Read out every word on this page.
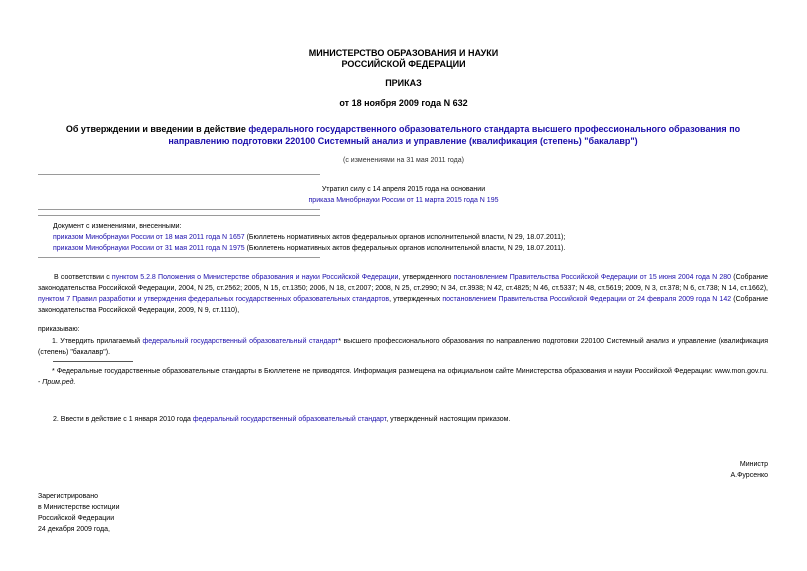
МИНИСТЕРСТВО ОБРАЗОВАНИЯ И НАУКИ
РОССИЙСКОЙ ФЕДЕРАЦИИ
ПРИКАЗ
от 18 ноября 2009 года N 632
Об утверждении и введении в действие федерального государственного образовательного стандарта высшего профессионального образования по направлению подготовки 220100 Системный анализ и управление (квалификация (степень) "бакалавр")
(с изменениями на 31 мая 2011 года)
Утратил силу с 14 апреля 2015 года на основании
приказа Минобрнауки России от 11 марта 2015 года N 195
Документ с изменениями, внесенными:
приказом Минобрнауки России от 18 мая 2011 года N 1657 (Бюллетень нормативных актов федеральных органов исполнительной власти, N 29, 18.07.2011);
приказом Минобрнауки России от 31 мая 2011 года N 1975 (Бюллетень нормативных актов федеральных органов исполнительной власти, N 29, 18.07.2011).
В соответствии с пунктом 5.2.8 Положения о Министерстве образования и науки Российской Федерации, утвержденного постановлением Правительства Российской Федерации от 15 июня 2004 года N 280 (Собрание законодательства Российской Федерации, 2004, N 25, ст.2562; 2005, N 15, ст.1350; 2006, N 18, ст.2007; 2008, N 25, ст.2990; N 34, ст.3938; N 42, ст.4825; N 46, ст.5337; N 48, ст.5619; 2009, N 3, ст.378; N 6, ст.738; N 14, ст.1662), пунктом 7 Правил разработки и утверждения федеральных государственных образовательных стандартов, утвержденных постановлением Правительства Российской Федерации от 24 февраля 2009 года N 142 (Собрание законодательства Российской Федерации, 2009, N 9, ст.1110),
приказываю:
1. Утвердить прилагаемый федеральный государственный образовательный стандарт* высшего профессионального образования по направлению подготовки 220100 Системный анализ и управление (квалификация (степень) "бакалавр").
* Федеральные государственные образовательные стандарты в Бюллетене не приводятся. Информация размещена на официальном сайте Министерства образования и науки Российской Федерации: www.mon.gov.ru. - Прим.ред.
2. Ввести в действие с 1 января 2010 года федеральный государственный образовательный стандарт, утвержденный настоящим приказом.
Министр
А.Фурсенко
Зарегистрировано
в Министерстве юстиции
Российской Федерации
24 декабря 2009 года,
